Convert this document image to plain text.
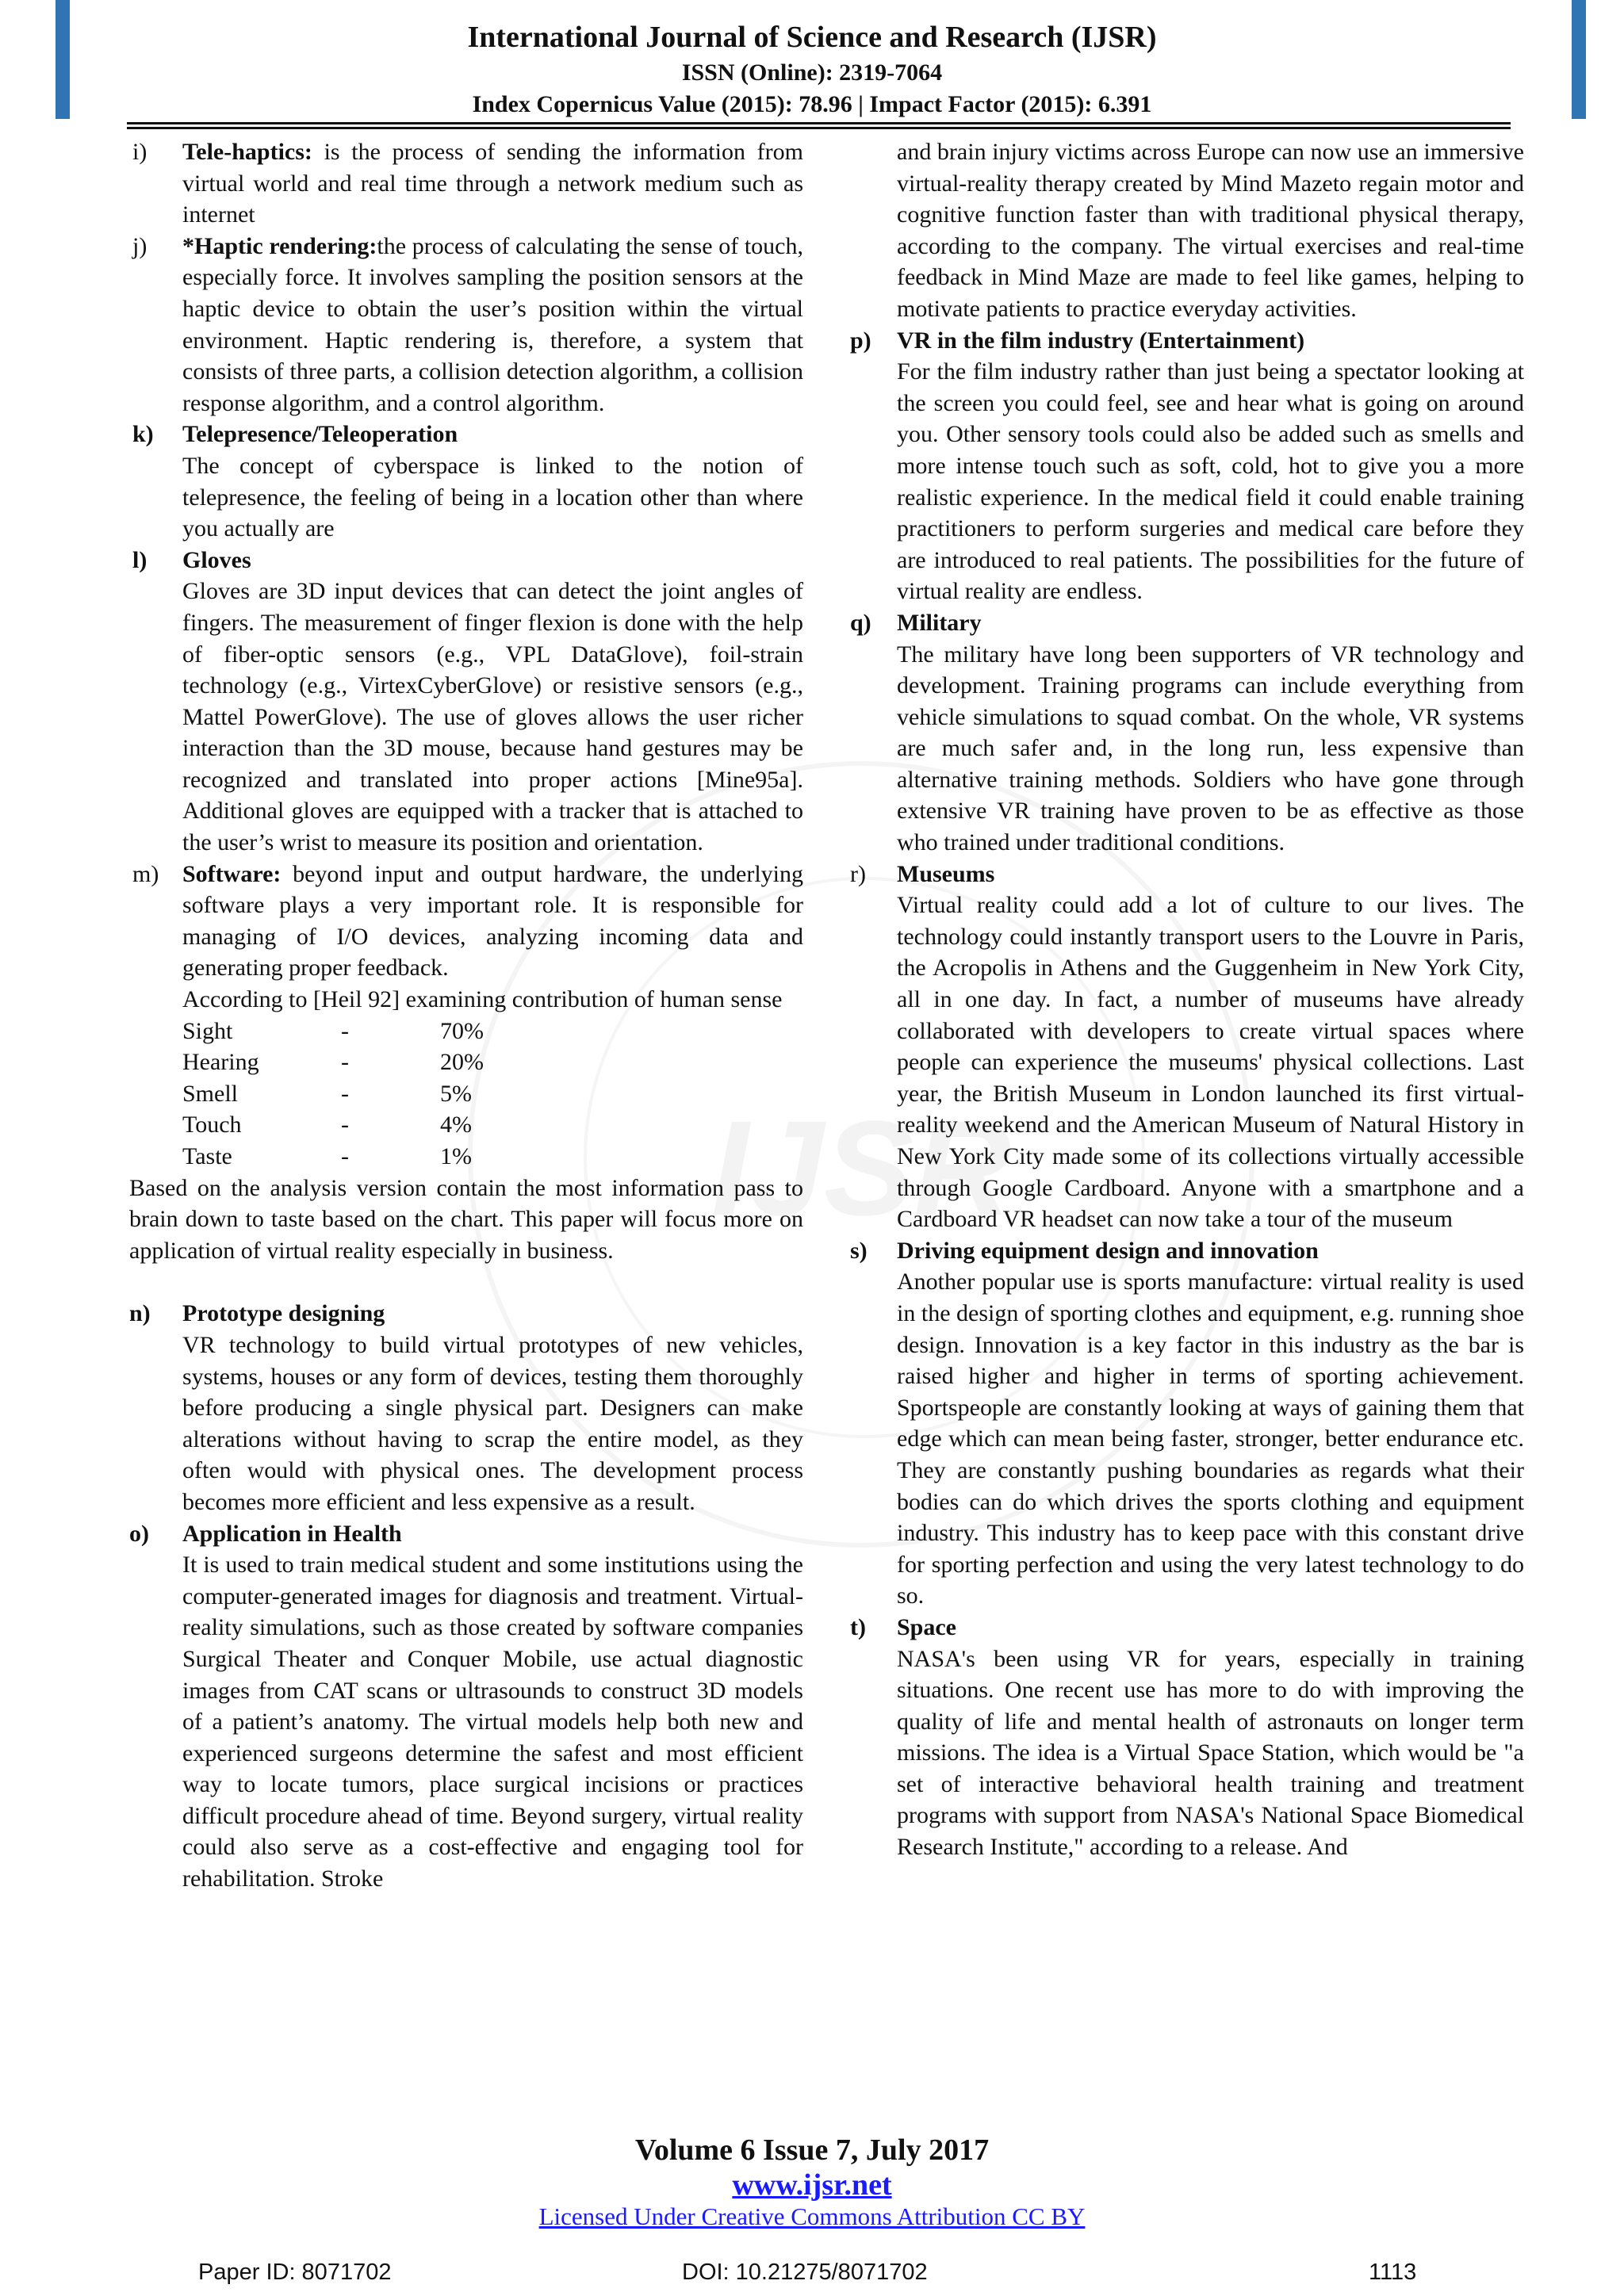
International Journal of Science and Research (IJSR)
ISSN (Online): 2319-7064
Index Copernicus Value (2015): 78.96 | Impact Factor (2015): 6.391
IJSR
i) Tele-haptics: is the process of sending the information from virtual world and real time through a network medium such as internet

j) *Haptic rendering:the process of calculating the sense of touch, especially force. It involves sampling the position sensors at the haptic device to obtain the user’s position within the virtual environment. Haptic rendering is, therefore, a system that consists of three parts, a collision detection algorithm, a collision response algorithm, and a control algorithm.

k) Telepresence/Teleoperation

The concept of cyberspace is linked to the notion of telepresence, the feeling of being in a location other than where you actually are

l) Gloves

Gloves are 3D input devices that can detect the joint angles of fingers. The measurement of finger flexion is done with the help of fiber-optic sensors (e.g., VPL DataGlove), foil-strain technology (e.g., VirtexCyberGlove) or resistive sensors (e.g., Mattel PowerGlove). The use of gloves allows the user richer interaction than the 3D mouse, because hand gestures may be recognized and translated into proper actions [Mine95a]. Additional gloves are equipped with a tracker that is attached to the user’s wrist to measure its position and orientation.

m) Software: beyond input and output hardware, the underlying software plays a very important role. It is responsible for managing of I/O devices, analyzing incoming data and generating proper feedback.

According to [Heil 92] examining contribution of human sense

Sight	-	70%
Hearing	-	20%
Smell	-	5%
Touch	-	4%
Taste	-	1%

Based on the analysis version contain the most information pass to brain down to taste based on the chart. This paper will focus more on application of virtual reality especially in business.

n) Prototype designing

VR technology to build virtual prototypes of new vehicles, systems, houses or any form of devices, testing them thoroughly before producing a single physical part. Designers can make alterations without having to scrap the entire model, as they often would with physical ones. The development process becomes more efficient and less expensive as a result.

o) Application in Health

It is used to train medical student and some institutions using the computer-generated images for diagnosis and treatment. Virtual-reality simulations, such as those created by software companies Surgical Theater and Conquer Mobile, use actual diagnostic images from CAT scans or ultrasounds to construct 3D models of a patient’s anatomy. The virtual models help both new and experienced surgeons determine the safest and most efficient way to locate tumors, place surgical incisions or practices difficult procedure ahead of time. Beyond surgery, virtual reality could also serve as a cost-effective and engaging tool for rehabilitation. Stroke

and brain injury victims across Europe can now use an immersive virtual-reality therapy created by Mind Mazeto regain motor and cognitive function faster than with traditional physical therapy, according to the company. The virtual exercises and real-time feedback in Mind Maze are made to feel like games, helping to motivate patients to practice everyday activities.

p) VR in the film industry (Entertainment)

For the film industry rather than just being a spectator looking at the screen you could feel, see and hear what is going on around you. Other sensory tools could also be added such as smells and more intense touch such as soft, cold, hot to give you a more realistic experience. In the medical field it could enable training practitioners to perform surgeries and medical care before they are introduced to real patients. The possibilities for the future of virtual reality are endless.

q) Military

The military have long been supporters of VR technology and development. Training programs can include everything from vehicle simulations to squad combat. On the whole, VR systems are much safer and, in the long run, less expensive than alternative training methods. Soldiers who have gone through extensive VR training have proven to be as effective as those who trained under traditional conditions.

r) Museums

Virtual reality could add a lot of culture to our lives. The technology could instantly transport users to the Louvre in Paris, the Acropolis in Athens and the Guggenheim in New York City, all in one day. In fact, a number of museums have already collaborated with developers to create virtual spaces where people can experience the museums' physical collections. Last year, the British Museum in London launched its first virtual-reality weekend and the American Museum of Natural History in New York City made some of its collections virtually accessible through Google Cardboard. Anyone with a smartphone and a Cardboard VR headset can now take a tour of the museum

s) Driving equipment design and innovation

Another popular use is sports manufacture: virtual reality is used in the design of sporting clothes and equipment, e.g. running shoe design. Innovation is a key factor in this industry as the bar is raised higher and higher in terms of sporting achievement. Sportspeople are constantly looking at ways of gaining them that edge which can mean being faster, stronger, better endurance etc. They are constantly pushing boundaries as regards what their bodies can do which drives the sports clothing and equipment industry. This industry has to keep pace with this constant drive for sporting perfection and using the very latest technology to do so.

t) Space

NASA's been using VR for years, especially in training situations. One recent use has more to do with improving the quality of life and mental health of astronauts on longer term missions. The idea is a Virtual Space Station, which would be "a set of interactive behavioral health training and treatment programs with support from NASA's National Space Biomedical Research Institute," according to a release. And

Volume 6 Issue 7, July 2017
www.ijsr.net
Licensed Under Creative Commons Attribution CC BY
Paper ID: 8071702	DOI: 10.21275/8071702	1113
